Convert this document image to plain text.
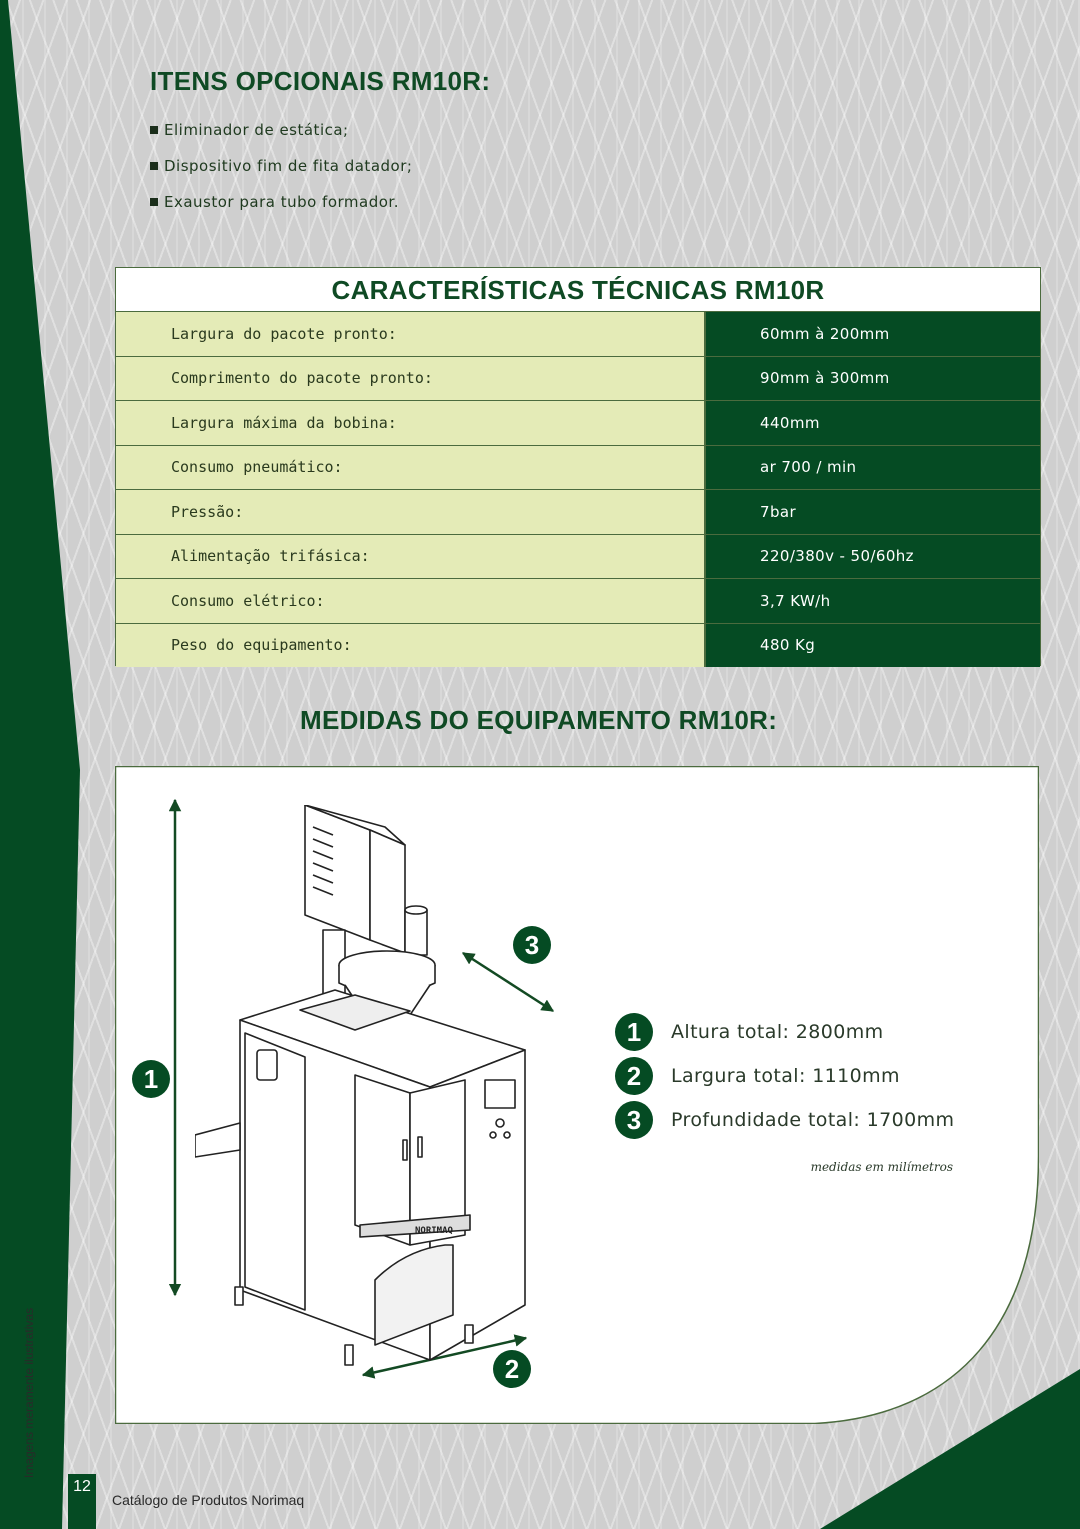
ITENS OPCIONAIS RM10R:
Eliminador de estática;
Dispositivo fim de fita datador;
Exaustor para tubo formador.
CARACTERÍSTICAS TÉCNICAS RM10R
Largura do pacote pronto:	60mm à 200mm
Comprimento do pacote pronto:	90mm à 300mm
Largura máxima da bobina:	440mm
Consumo pneumático:	ar 700 / min
Pressão:	7bar
Alimentação trifásica:	220/380v - 50/60hz
Consumo elétrico:	3,7 KW/h
Peso do equipamento:	480 Kg
MEDIDAS DO EQUIPAMENTO RM10R:
NORIMAQ
1
3
2
1	Altura total: 2800mm
2	Largura total: 1110mm
3	Profundidade total: 1700mm
medidas em milímetros
Imagens meramente ilustrativas
12
Catálogo de Produtos Norimaq
